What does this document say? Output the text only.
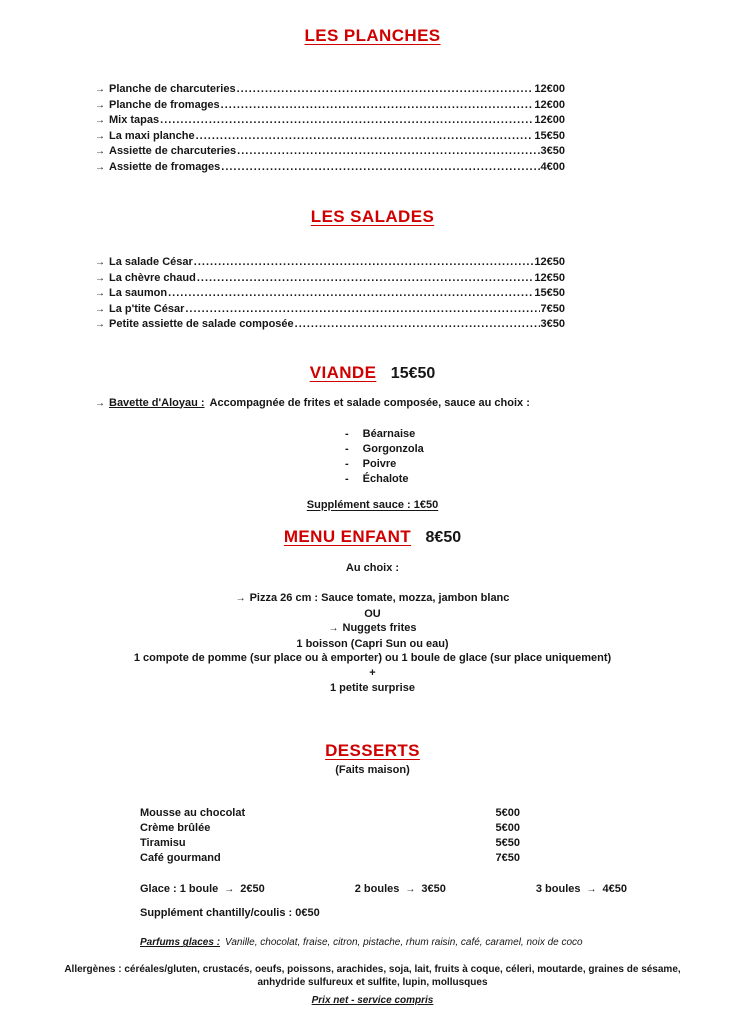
LES PLANCHES
→ Planche de charcuteries .....	12€00
→ Planche de fromages .....	12€00
→ Mix tapas .....	12€00
→ La maxi planche .....	15€50
→ Assiette de charcuteries .....	3€50
→ Assiette de fromages .....	4€00
LES SALADES
→ La salade César .....	12€50
→ La chèvre chaud .....	12€50
→ La saumon .....	15€50
→ La p'tite César .....	7€50
→ Petite assiette de salade composée .....	3€50
VIANDE 15€50
→ Bavette d'Aloyau : Accompagnée de frites et salade composée, sauce au choix :
- Béarnaise
- Gorgonzola
- Poivre
- Échalote
Supplément sauce : 1€50
MENU ENFANT 8€50
Au choix :
→ Pizza 26 cm : Sauce tomate, mozza, jambon blanc
OU
→ Nuggets frites
1 boisson (Capri Sun ou eau)
1 compote de pomme (sur place ou à emporter) ou 1 boule de glace (sur place uniquement)
+
1 petite surprise
DESSERTS
(Faits maison)
Mousse au chocolat	5€00
Crème brûlée	5€00
Tiramisu	5€50
Café gourmand	7€50
Glace : 1 boule → 2€50	2 boules → 3€50	3 boules → 4€50
Supplément chantilly/coulis : 0€50
Parfums glaces : Vanille, chocolat, fraise, citron, pistache, rhum raisin, café, caramel, noix de coco
Allergènes : céréales/gluten, crustacés, oeufs, poissons, arachides, soja, lait, fruits à coque, céleri, moutarde, graines de sésame, anhydride sulfureux et sulfite, lupin, mollusques
Prix net - service compris
